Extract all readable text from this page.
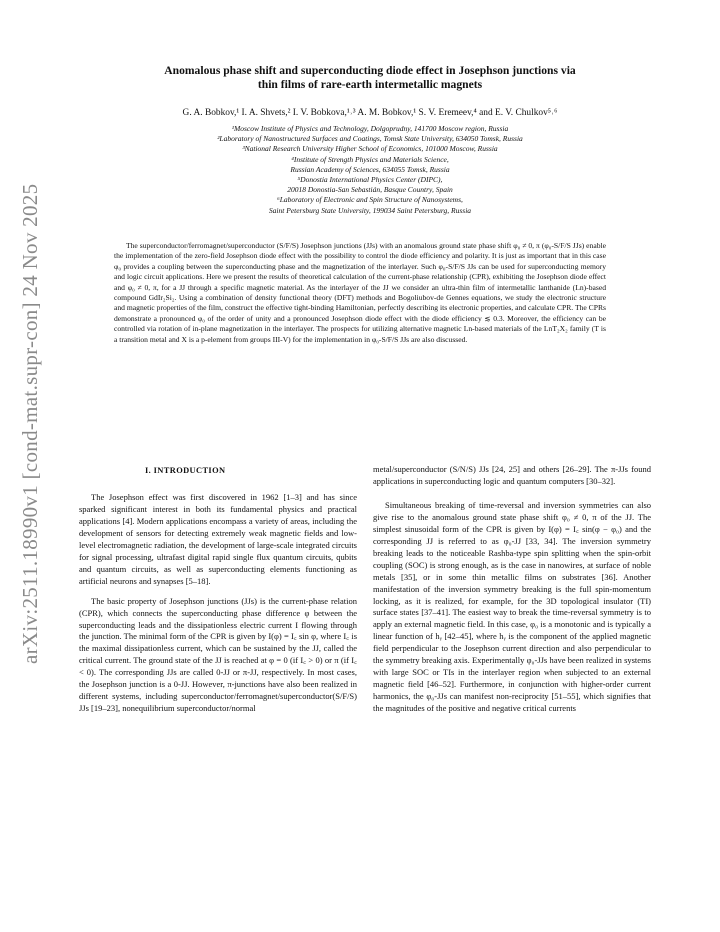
arXiv:2511.18990v1 [cond-mat.supr-con] 24 Nov 2025
Anomalous phase shift and superconducting diode effect in Josephson junctions via
thin films of rare-earth intermetallic magnets
G. A. Bobkov,¹ I. A. Shvets,² I. V. Bobkova,¹˒³ A. M. Bobkov,¹ S. V. Eremeev,⁴ and E. V. Chulkov⁵˒⁶
¹Moscow Institute of Physics and Technology, Dolgoprudny, 141700 Moscow region, Russia
²Laboratory of Nanostructured Surfaces and Coatings, Tomsk State University, 634050 Tomsk, Russia
³National Research University Higher School of Economics, 101000 Moscow, Russia
⁴Institute of Strength Physics and Materials Science,
Russian Academy of Sciences, 634055 Tomsk, Russia
⁵Donostia International Physics Center (DIPC),
20018 Donostia-San Sebastián, Basque Country, Spain
⁶Laboratory of Electronic and Spin Structure of Nanosystems,
Saint Petersburg State University, 199034 Saint Petersburg, Russia

The superconductor/ferromagnet/superconductor (S/F/S) Josephson junctions (JJs) with an anomalous ground state phase shift φ₀ ≠ 0, π (φ₀-S/F/S JJs) enable the implementation of the zero-field Josephson diode effect with the possibility to control the diode efficiency and polarity. It is just as important that in this case φ₀ provides a coupling between the superconducting phase and the magnetization of the interlayer. Such φ₀-S/F/S JJs can be used for superconducting memory and logic circuit applications. Here we present the results of theoretical calculation of the current-phase relationship (CPR), exhibiting the Josephson diode effect and φ₀ ≠ 0, π, for a JJ through a specific magnetic material. As the interlayer of the JJ we consider an ultra-thin film of intermetallic lanthanide (Ln)-based compound GdIr₂Si₂. Using a combination of density functional theory (DFT) methods and Bogoliubov-de Gennes equations, we study the electronic structure and magnetic properties of the film, construct the effective tight-binding Hamiltonian, perfectly describing its electronic properties, and calculate CPR. The CPRs demonstrate a pronounced φ₀ of the order of unity and a pronounced Josephson diode effect with the diode efficiency ≲ 0.3. Moreover, the efficiency can be controlled via rotation of in-plane magnetization in the interlayer. The prospects for utilizing alternative magnetic Ln-based materials of the LnT₂X₂ family (T is a transition metal and X is a p-element from groups III-V) for the implementation in φ₀-S/F/S JJs are also discussed.

I. INTRODUCTION

The Josephson effect was first discovered in 1962 [1–3] and has since sparked significant interest in both its fundamental physics and practical applications [4]. Modern applications encompass a variety of areas, including the development of sensors for detecting extremely weak magnetic fields and low-level electromagnetic radiation, the development of large-scale integrated circuits for signal processing, ultrafast digital rapid single flux quantum circuits, qubits and quantum circuits, as well as superconducting elements functioning as artificial neurons and synapses [5–18].

The basic property of Josephson junctions (JJs) is the current-phase relation (CPR), which connects the superconducting phase difference φ between the superconducting leads and the dissipationless electric current I flowing through the junction. The minimal form of the CPR is given by I(φ) = I꜀ sin φ, where I꜀ is the maximal dissipationless current, which can be sustained by the JJ, called the critical current. The ground state of the JJ is reached at φ = 0 (if I꜀ > 0) or π (if I꜀ < 0). The corresponding JJs are called 0-JJ or π-JJ, respectively. In most cases, the Josephson junction is a 0-JJ. However, π-junctions have also been realized in different systems, including superconductor/ferromagnet/superconductor(S/F/S) JJs [19–23], nonequilibrium superconductor/normal

metal/superconductor (S/N/S) JJs [24, 25] and others [26–29]. The π-JJs found applications in superconducting logic and quantum computers [30–32].

Simultaneous breaking of time-reversal and inversion symmetries can also give rise to the anomalous ground state phase shift φ₀ ≠ 0, π of the JJ. The simplest sinusoidal form of the CPR is given by I(φ) = I꜀ sin(φ − φ₀) and the corresponding JJ is referred to as φ₀-JJ [33, 34]. The inversion symmetry breaking leads to the noticeable Rashba-type spin splitting when the spin-orbit coupling (SOC) is strong enough, as is the case in nanowires, at surface of noble metals [35], or in some thin metallic films on substrates [36]. Another manifestation of the inversion symmetry breaking is the full spin-momentum locking, as it is realized, for example, for the 3D topological insulator (TI) surface states [37–41]. The easiest way to break the time-reversal symmetry is to apply an external magnetic field. In this case, φ₀ is a monotonic and is typically a linear function of hᵧ [42–45], where hᵧ is the component of the applied magnetic field perpendicular to the Josephson current direction and also perpendicular to the symmetry breaking axis. Experimentally φ₀-JJs have been realized in systems with large SOC or TIs in the interlayer region when subjected to an external magnetic field [46–52]. Furthermore, in conjunction with higher-order current harmonics, the φ₀-JJs can manifest non-reciprocity [51–55], which signifies that the magnitudes of the positive and negative critical currents
